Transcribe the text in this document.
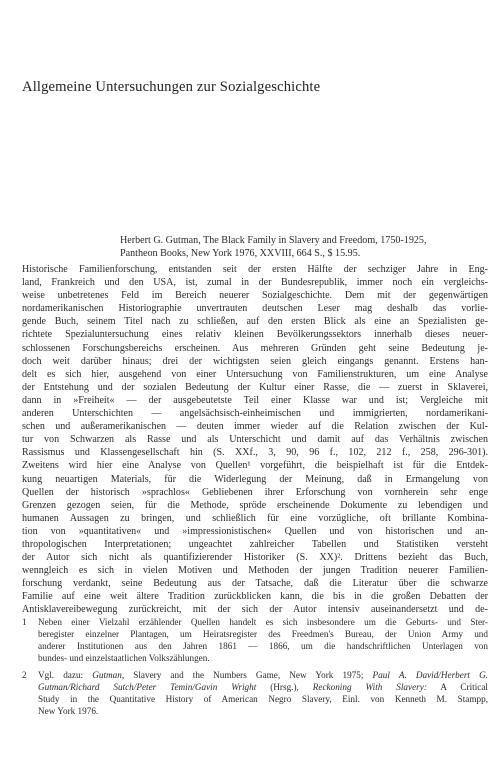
Allgemeine Untersuchungen zur Sozialgeschichte
Herbert G. Gutman, The Black Family in Slavery and Freedom, 1750-1925,
Pantheon Books, New York 1976, XXVIII, 664 S., $ 15.95.
Historische Familienforschung, entstanden seit der ersten Hälfte der sechziger Jahre in Eng-
land, Frankreich und den USA, ist, zumal in der Bundesrepublik, immer noch ein vergleichs-
weise unbetretenes Feld im Bereich neuerer Sozialgeschichte. Dem mit der gegenwärtigen
nordamerikanischen Historiographie unvertrauten deutschen Leser mag deshalb das vorlie-
gende Buch, seinem Titel nach zu schließen, auf den ersten Blick als eine an Spezialisten ge-
richtete Spezialuntersuchung eines relativ kleinen Bevölkerungssektors innerhalb dieses neuer-
schlossenen Forschungsbereichs erscheinen. Aus mehreren Gründen geht seine Bedeutung je-
doch weit darüber hinaus; drei der wichtigsten seien gleich eingangs genannt. Erstens han-
delt es sich hier, ausgehend von einer Untersuchung von Familienstrukturen, um eine Analyse
der Entstehung und der sozialen Bedeutung der Kultur einer Rasse, die — zuerst in Sklaverei,
dann in »Freiheit« — der ausgebeutetste Teil einer Klasse war und ist; Vergleiche mit
anderen Unterschichten — angelsächsisch-einheimischen und immigrierten, nordamerikani-
schen und außeramerikanischen — deuten immer wieder auf die Relation zwischen der Kul-
tur von Schwarzen als Rasse und als Unterschicht und damit auf das Verhältnis zwischen
Rassismus und Klassengesellschaft hin (S. XXf., 3, 90, 96 f., 102, 212 f., 258, 296-301).
Zweitens wird hier eine Analyse von Quellen¹ vorgeführt, die beispielhaft ist für die Entdek-
kung neuartigen Materials, für die Widerlegung der Meinung, daß in Ermangelung von
Quellen der historisch »sprachlos« Gebliebenen ihrer Erforschung von vornherein sehr enge
Grenzen gezogen seien, für die Methode, spröde erscheinende Dokumente zu lebendigen und
humanen Aussagen zu bringen, und schließlich für eine vorzügliche, oft brillante Kombina-
tion von »quantitativen« und »impressionistischen« Quellen und von historischen und an-
thropologischen Interpretationen; ungeachtet zahlreicher Tabellen und Statistiken versteht
der Autor sich nicht als quantifizierender Historiker (S. XX)². Drittens bezieht das Buch,
wenngleich es sich in vielen Motiven und Methoden der jungen Tradition neuerer Familien-
forschung verdankt, seine Bedeutung aus der Tatsache, daß die Literatur über die schwarze
Familie auf eine weit ältere Tradition zurückblicken kann, die bis in die großen Debatten der
Antisklavereibewegung zurückreicht, mit der sich der Autor intensiv auseinandersetzt und de-
1 Neben einer Vielzahl erzählender Quellen handelt es sich insbesondere um die Geburts- und Ster-
beregister einzelner Plantagen, um Heiratsregister des Freedmen's Bureau, der Union Army und
anderer Institutionen aus den Jahren 1861 — 1866, um die handschriftlichen Unterlagen von
bundes- und einzelstaatlichen Volkszählungen.
2 Vgl. dazu: Gutman, Slavery and the Numbers Game, New York 1975; Paul A. David/Herbert G.
Gutman/Richard Sutch/Peter Temin/Gavin Wright (Hrsg.), Reckoning With Slavery: A Critical
Study in the Quantitative History of American Negro Slavery, Einl. von Kenneth M. Stampp,
New York 1976.
